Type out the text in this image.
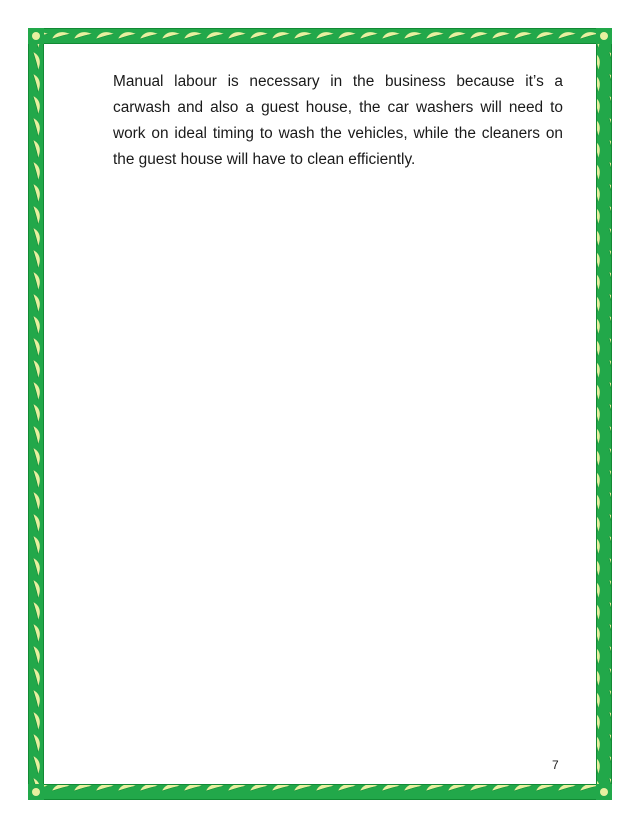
Manual labour is necessary in the business because it’s a carwash and also a guest house, the car washers will need to work on ideal timing to wash the vehicles, while the cleaners on the guest house will have to clean efficiently.

7
